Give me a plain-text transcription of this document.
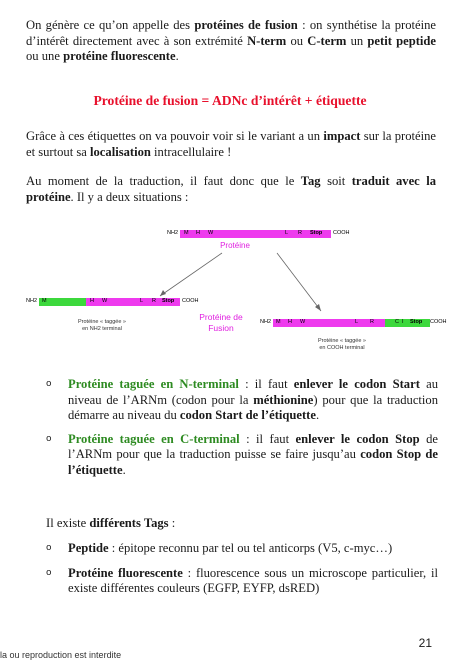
On génère ce qu’on appelle des protéines de fusion : on synthétise la protéine d’intérêt directement avec à son extrémité N-term ou C-term un petit peptide ou une protéine fluorescente.

Protéine de fusion = ADNc d’intérêt + étiquette

Grâce à ces étiquettes on va pouvoir voir si le variant a un impact sur la protéine et surtout sa localisation intracellulaire !

Au moment de la traduction, il faut donc que le Tag soit traduit avec la protéine. Il y a deux situations :

NH2 M H W	L R Stop COOH
Protéine
NH2 M	H W	L R Stop COOH
Protéine « taggée »
en NH2 terminal
Protéine de
Fusion
NH2 M H W	L R	C I Stop COOH
Protéine « taggée »
en COOH terminal
o Protéine taguée en N-terminal : il faut enlever le codon Start au niveau de l’ARNm (codon pour la méthionine) pour que la traduction démarre au niveau du codon Start de l’étiquette.
o Protéine taguée en C-terminal : il faut enlever le codon Stop de l’ARNm pour que la traduction puisse se faire jusqu’au codon Stop de l’étiquette.

Il existe différents Tags :

o Peptide : épitope reconnu par tel ou tel anticorps (V5, c-myc…)
o Protéine fluorescente : fluorescence sous un microscope particulier, il existe différentes couleurs (EGFP, EYFP, dsRED)
21
la ou reproduction est interdite
